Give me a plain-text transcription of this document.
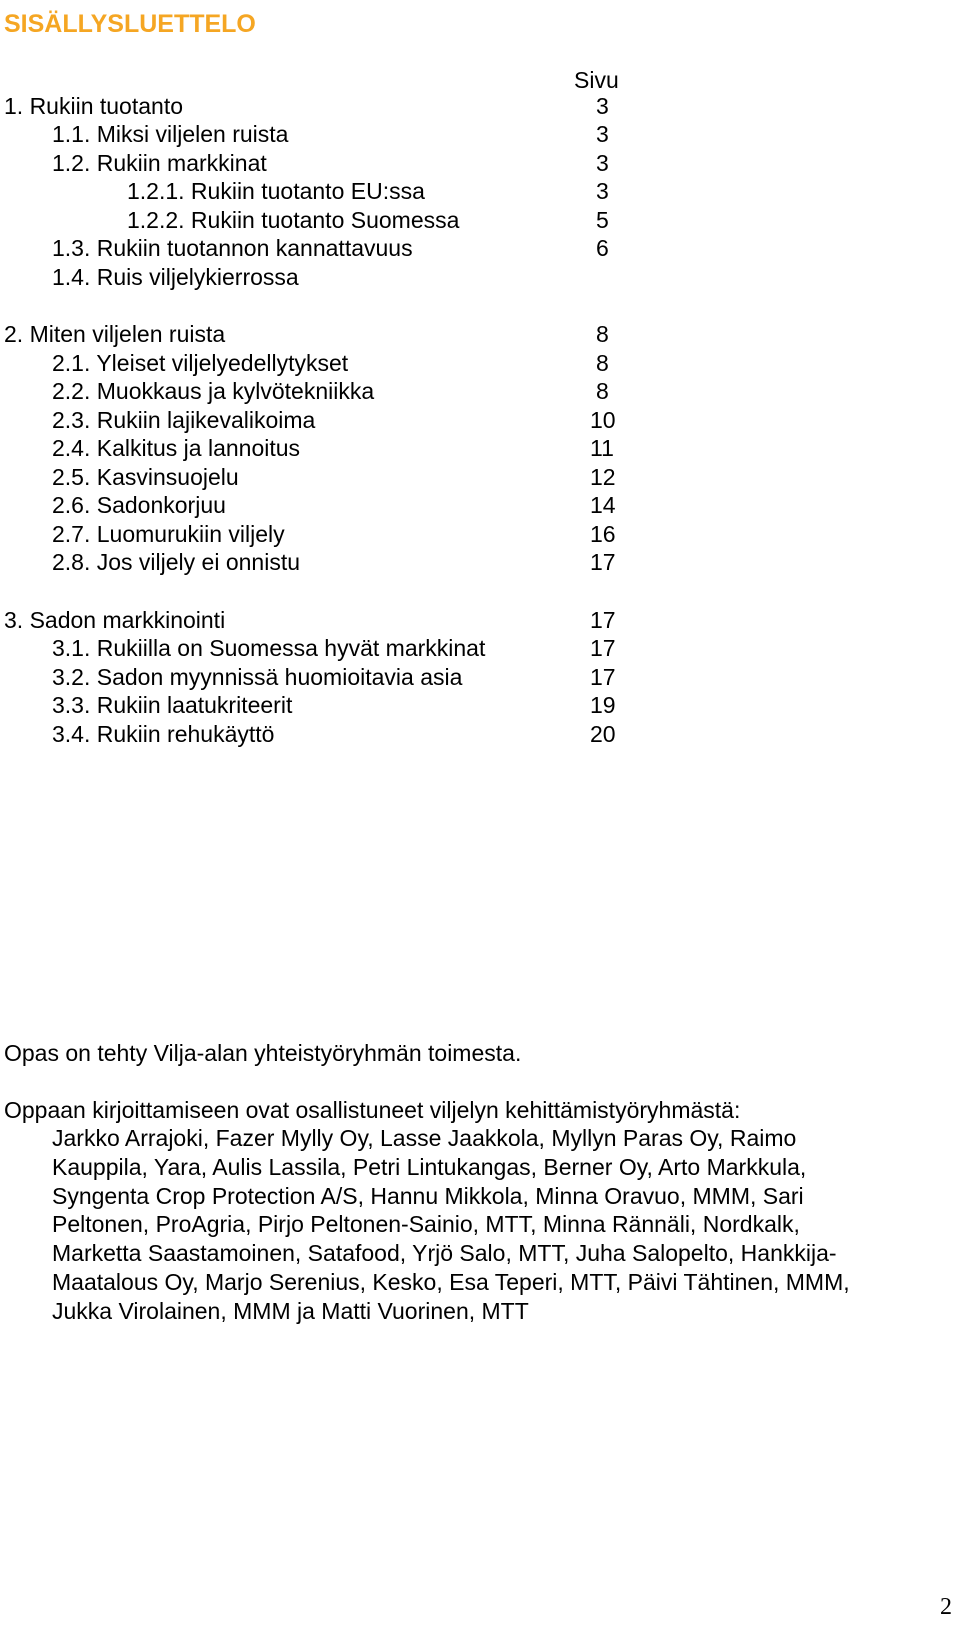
SISÄLLYSLUETTELO
Sivu
1. Rukiin tuotanto	3
1.1. Miksi viljelen ruista	3
1.2. Rukiin markkinat	3
1.2.1. Rukiin tuotanto EU:ssa	3
1.2.2. Rukiin tuotanto Suomessa	5
1.3. Rukiin tuotannon kannattavuus	6
1.4. Ruis viljelykierrossa
2. Miten viljelen ruista	8
2.1. Yleiset viljelyedellytykset	8
2.2. Muokkaus ja kylvötekniikka	8
2.3. Rukiin lajikevalikoima	10
2.4. Kalkitus ja lannoitus	11
2.5. Kasvinsuojelu	12
2.6. Sadonkorjuu	14
2.7. Luomurukiin viljely	16
2.8. Jos viljely ei onnistu	17
3. Sadon markkinointi	17
3.1. Rukiilla on Suomessa hyvät markkinat	17
3.2. Sadon myynnissä huomioitavia asia	17
3.3. Rukiin laatukriteerit	19
3.4. Rukiin rehukäyttö	20
Opas on tehty Vilja-alan yhteistyöryhmän toimesta.
Oppaan kirjoittamiseen ovat osallistuneet viljelyn kehittämistyöryhmästä:
Jarkko Arrajoki, Fazer Mylly Oy, Lasse Jaakkola, Myllyn Paras Oy, Raimo
Kauppila, Yara, Aulis Lassila, Petri Lintukangas, Berner Oy, Arto Markkula,
Syngenta Crop Protection A/S, Hannu Mikkola, Minna Oravuo, MMM, Sari
Peltonen, ProAgria, Pirjo Peltonen-Sainio, MTT, Minna Rännäli, Nordkalk,
Marketta Saastamoinen, Satafood, Yrjö Salo, MTT, Juha Salopelto, Hankkija-
Maatalous Oy, Marjo Serenius, Kesko, Esa Teperi, MTT, Päivi Tähtinen, MMM,
Jukka Virolainen, MMM ja Matti Vuorinen, MTT
2
